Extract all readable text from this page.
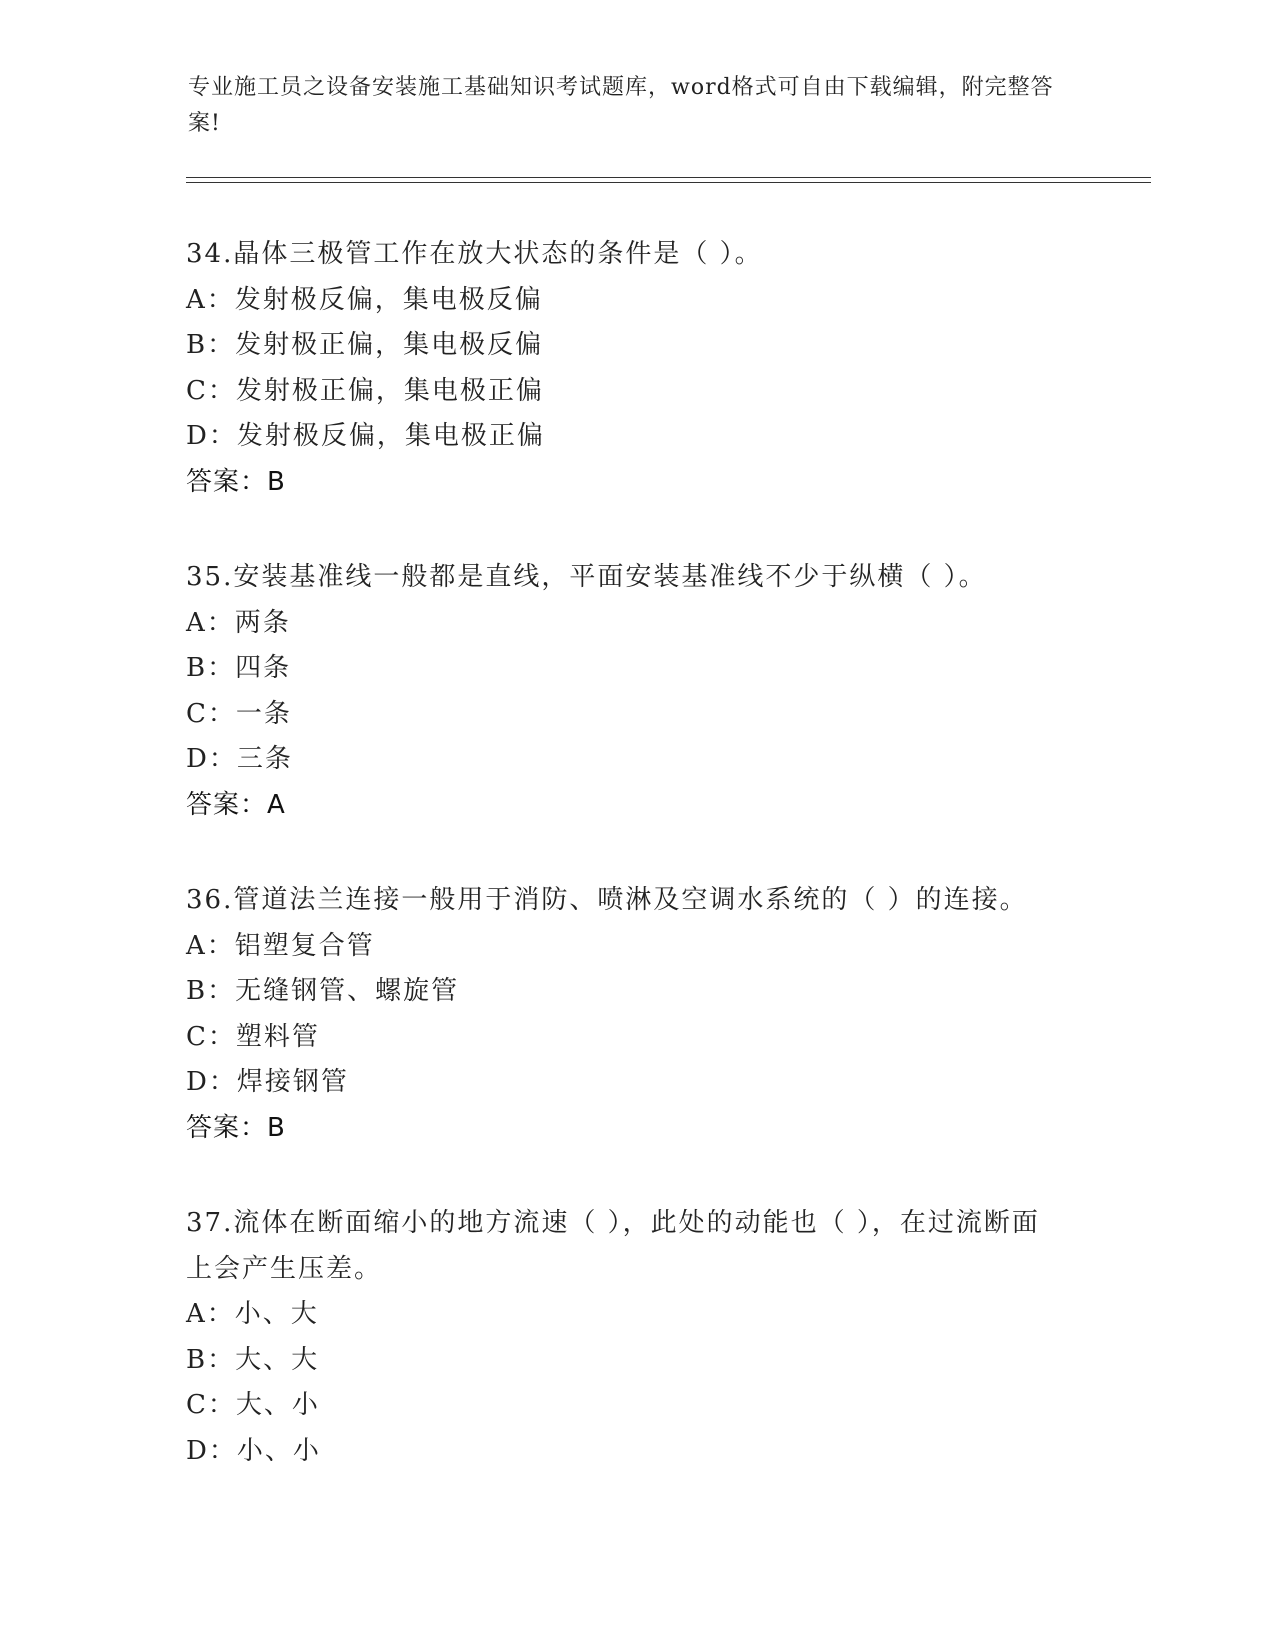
专业施工员之设备安装施工基础知识考试题库，word格式可自由下载编辑，附完整答案!
34.晶体三极管工作在放大状态的条件是（ ）。
A：发射极反偏，集电极反偏
B：发射极正偏，集电极反偏
C：发射极正偏，集电极正偏
D：发射极反偏，集电极正偏
答案：B
35.安装基准线一般都是直线，平面安装基准线不少于纵横（ ）。
A：两条
B：四条
C：一条
D：三条
答案：A
36.管道法兰连接一般用于消防、喷淋及空调水系统的（ ）的连接。
A：铝塑复合管
B：无缝钢管、螺旋管
C：塑料管
D：焊接钢管
答案：B
37.流体在断面缩小的地方流速（ ），此处的动能也（ ），在过流断面上会产生压差。
A：小、大
B：大、大
C：大、小
D：小、小
